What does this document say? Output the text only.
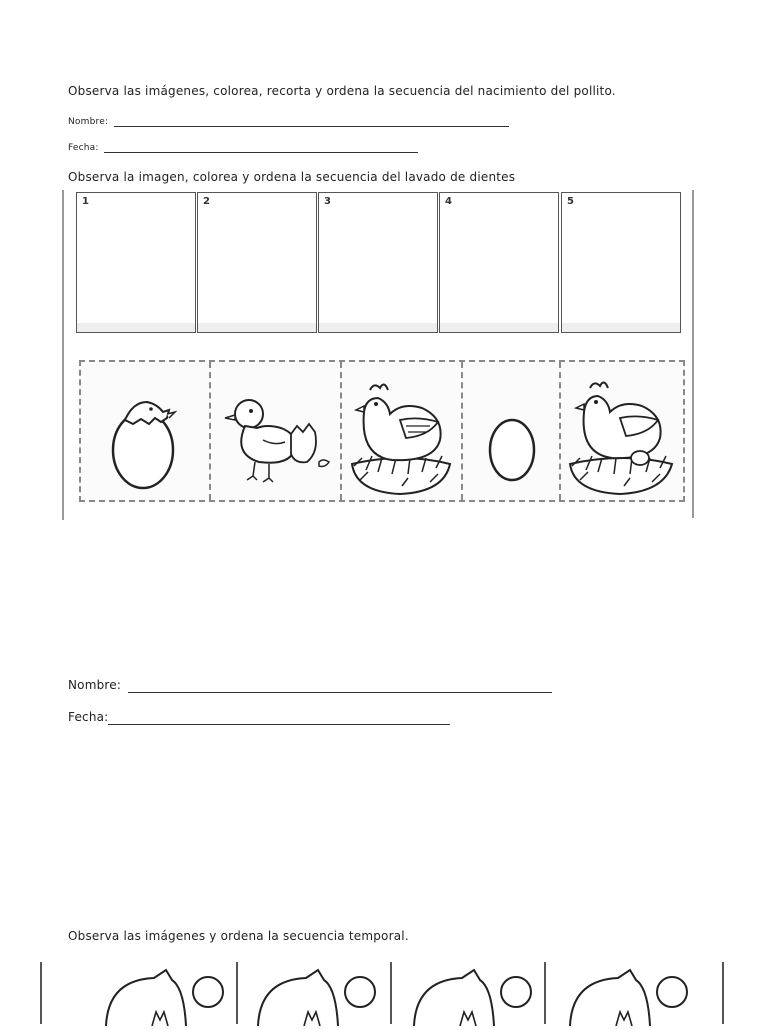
Observa las imágenes, colorea, recorta y ordena la secuencia del nacimiento del pollito.
Nombre:
Fecha:
Observa la imagen, colorea y ordena la secuencia del lavado de dientes
1	2	3	4	5
Nombre:
Fecha:
Observa las imágenes y ordena la secuencia temporal.
